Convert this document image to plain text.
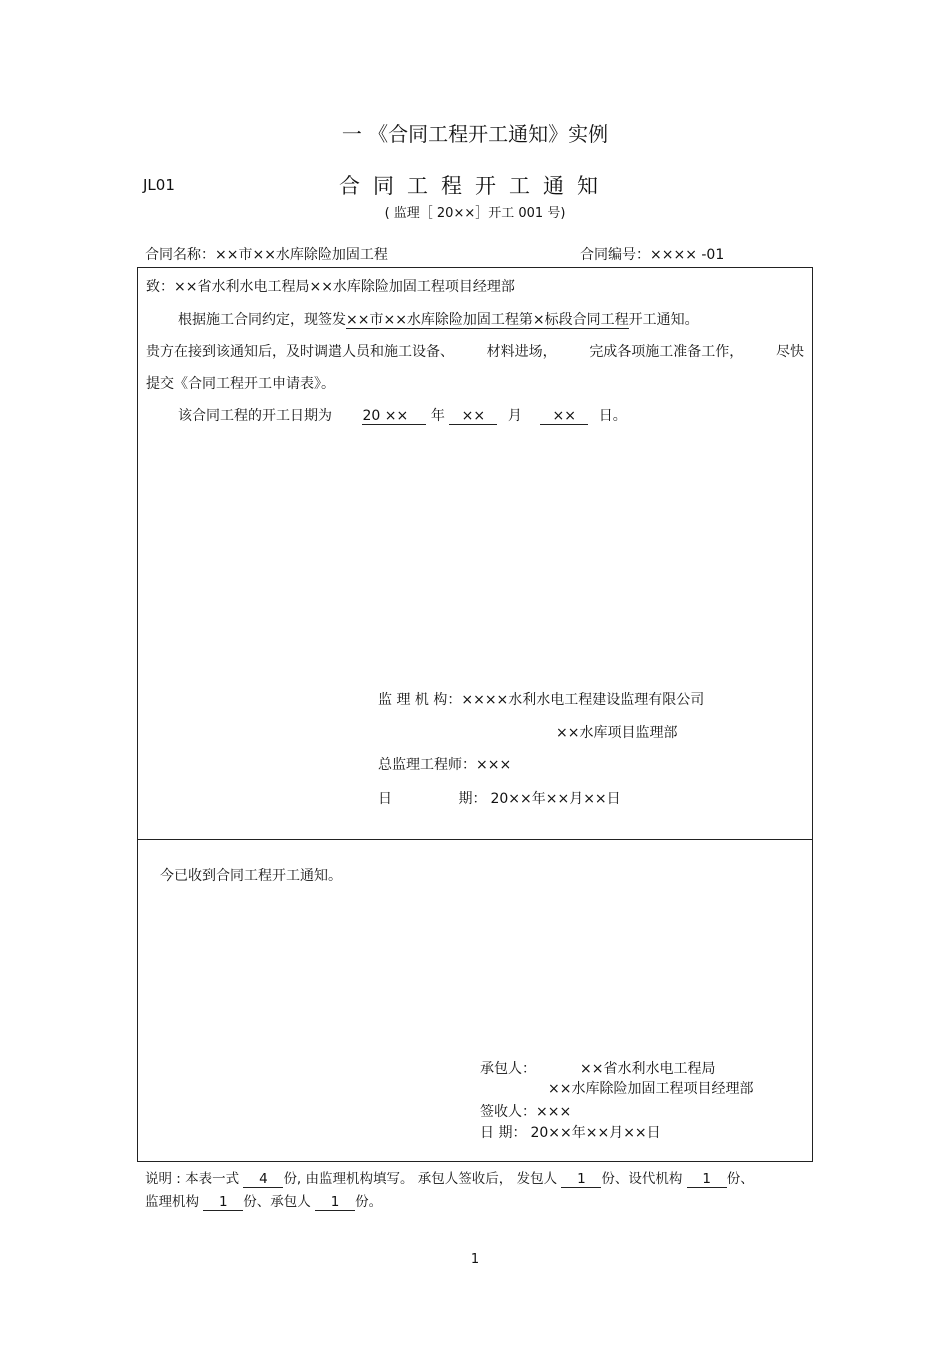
一 《合同工程开工通知》实例
JL01	合同工程开工通知
( 监理［ 20××］开工 001 号)
合同名称：××市××水库除险加固工程	合同编号：×××× -01
致：××省水利水电工程局××水库除险加固工程项目经理部
根据施工合同约定，现签发××市××水库除险加固工程第×标段合同工程开工通知。
贵方在接到该通知后，及时调遣人员和施工设备、 材料进场， 完成各项施工准备工作， 尽快
提交《合同工程开工申请表》。
该合同工程的开工日期为 20 ×× 年 ×× 月 ×× 日。
监 理 机 构：××××水利水电工程建设监理有限公司
××水库项目监理部
总监理工程师：×××
日	期： 20××年××月××日
今已收到合同工程开工通知。
承包人：	××省水利水电工程局
××水库除险加固工程项目经理部
签收人：×××
日 期： 20××年××月××日
说明 : 本表一式 4 份, 由监理机构填写。 承包人签收后， 发包人 1 份、设代机构 1 份、
监理机构 1 份、承包人 1 份。
1
